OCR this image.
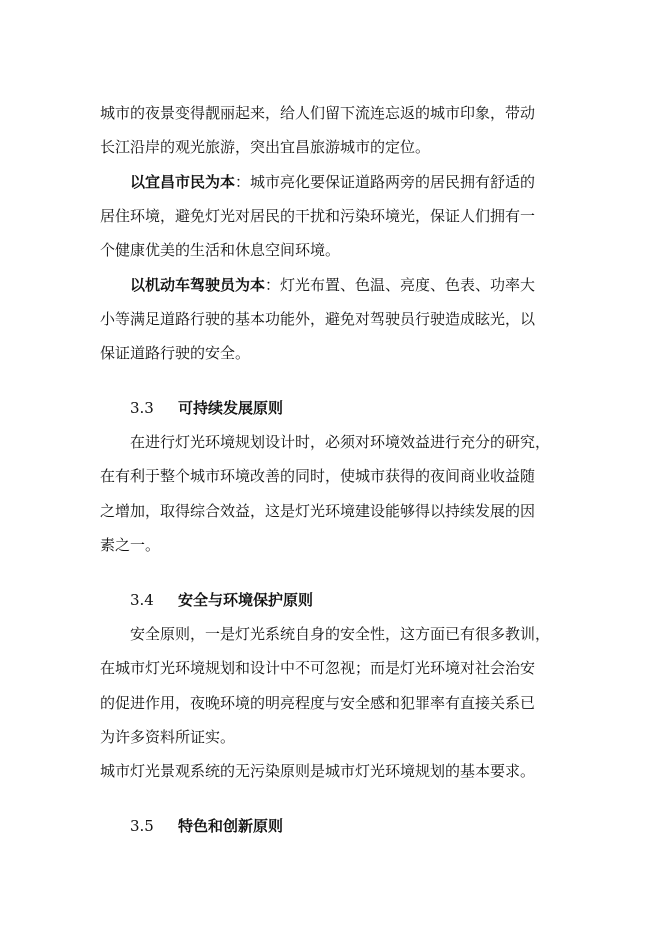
城市的夜景变得靓丽起来，给人们留下流连忘返的城市印象，带动
长江沿岸的观光旅游，突出宜昌旅游城市的定位。
以宜昌市民为本：城市亮化要保证道路两旁的居民拥有舒适的
居住环境，避免灯光对居民的干扰和污染环境光，保证人们拥有一
个健康优美的生活和休息空间环境。
以机动车驾驶员为本：灯光布置、色温、亮度、色表、功率大
小等满足道路行驶的基本功能外，避免对驾驶员行驶造成眩光，以
保证道路行驶的安全。
3.3 可持续发展原则
在进行灯光环境规划设计时，必须对环境效益进行充分的研究，
在有利于整个城市环境改善的同时，使城市获得的夜间商业收益随
之增加，取得综合效益，这是灯光环境建设能够得以持续发展的因
素之一。
3.4 安全与环境保护原则
安全原则，一是灯光系统自身的安全性，这方面已有很多教训，
在城市灯光环境规划和设计中不可忽视；而是灯光环境对社会治安
的促进作用，夜晚环境的明亮程度与安全感和犯罪率有直接关系已
为许多资料所证实。
城市灯光景观系统的无污染原则是城市灯光环境规划的基本要求。
3.5 特色和创新原则
